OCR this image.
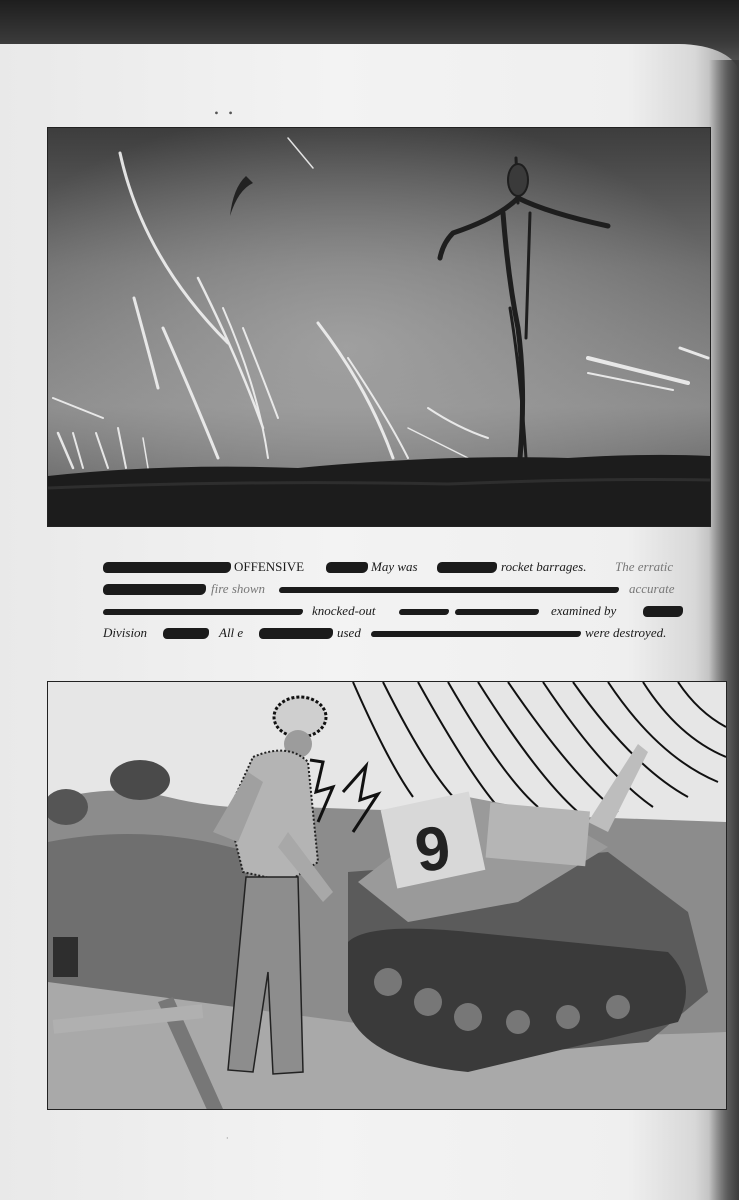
∙ ∙
·
OFFENSIVE	May was	rocket barrages. The erratic
fire shown	accurate
knocked-out	examined by
Division	All e	used	were destroyed.
9
